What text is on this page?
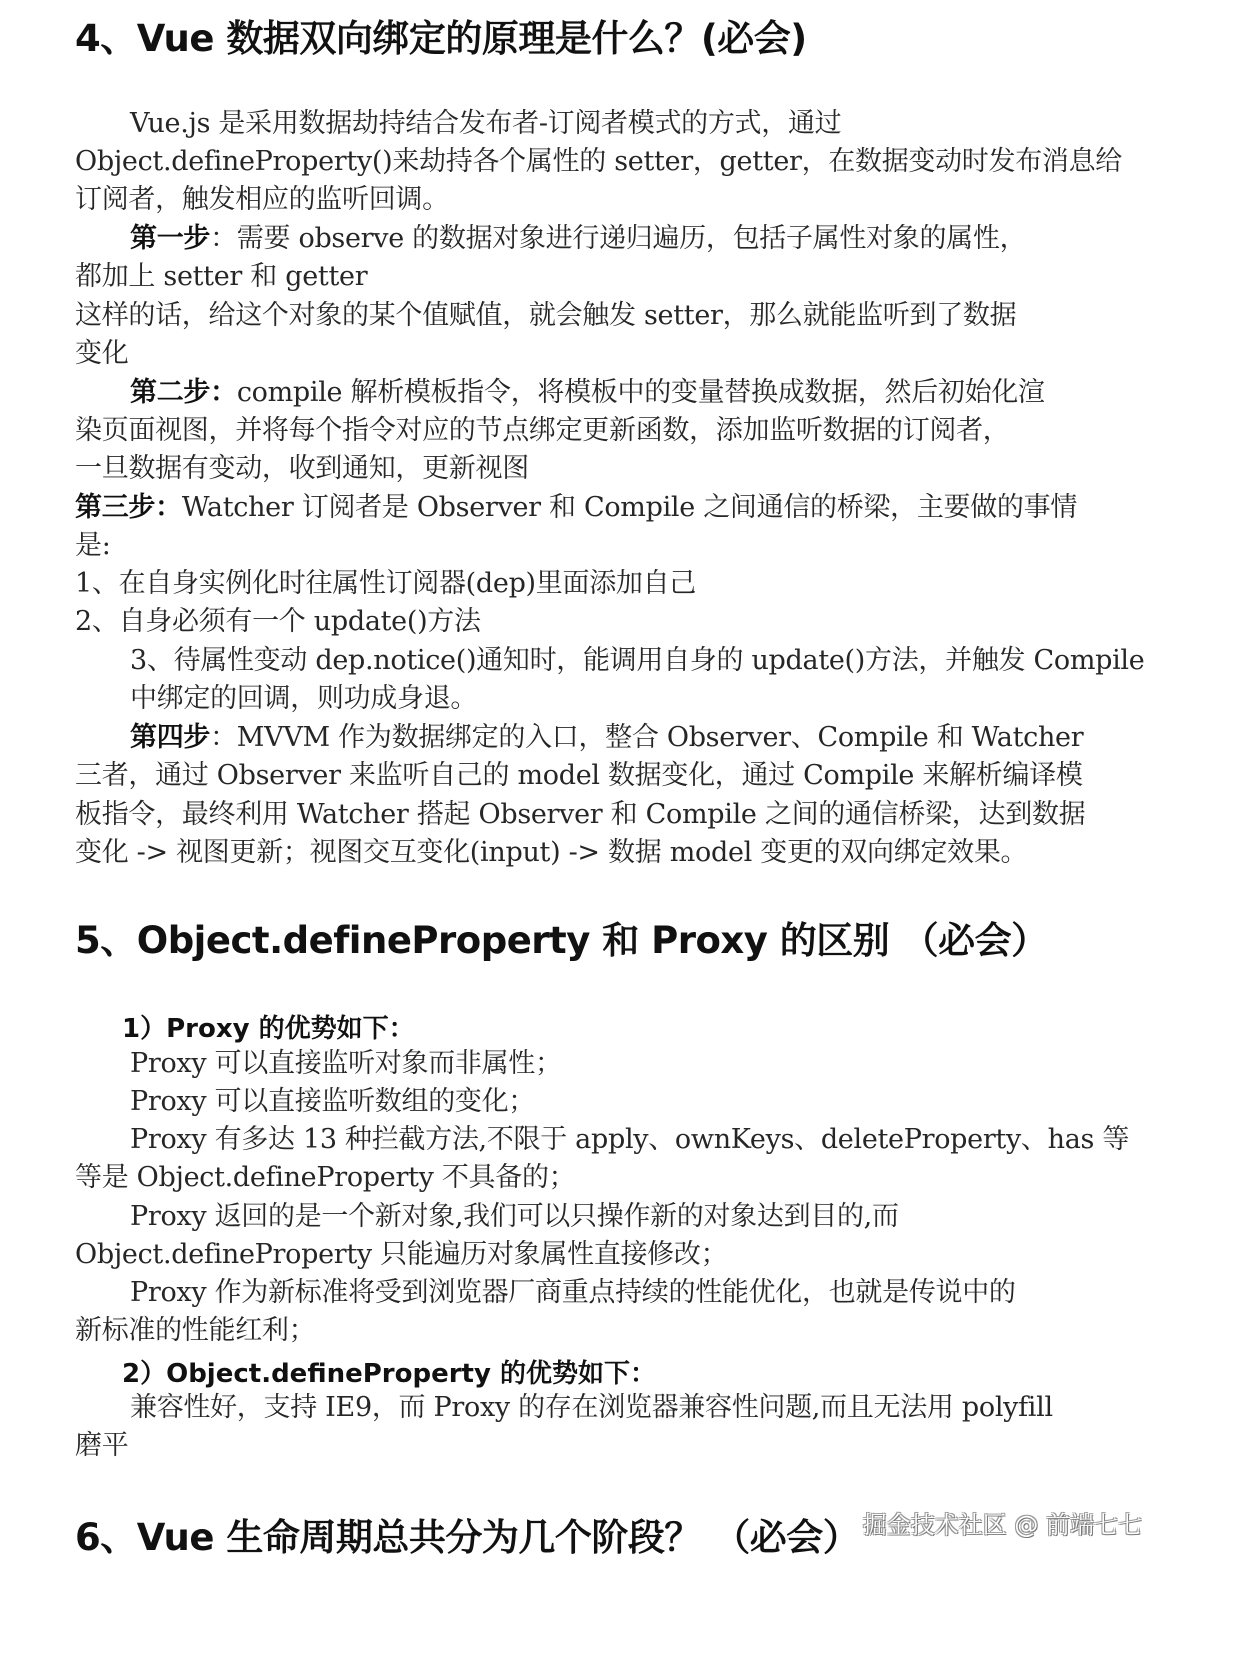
4、Vue 数据双向绑定的原理是什么？(必会)
Vue.js 是采用数据劫持结合发布者-订阅者模式的方式，通过
Object.defineProperty()来劫持各个属性的 setter，getter，在数据变动时发布消息给
订阅者，触发相应的监听回调。
第一步：需要 observe 的数据对象进行递归遍历，包括子属性对象的属性，
都加上 setter 和 getter
这样的话，给这个对象的某个值赋值，就会触发 setter，那么就能监听到了数据
变化
第二步：compile 解析模板指令，将模板中的变量替换成数据，然后初始化渲
染页面视图，并将每个指令对应的节点绑定更新函数，添加监听数据的订阅者，
一旦数据有变动，收到通知，更新视图
第三步：Watcher 订阅者是 Observer 和 Compile 之间通信的桥梁，主要做的事情
是:
1、在自身实例化时往属性订阅器(dep)里面添加自己
2、自身必须有一个 update()方法
3、待属性变动 dep.notice()通知时，能调用自身的 update()方法，并触发 Compile
中绑定的回调，则功成身退。
第四步：MVVM 作为数据绑定的入口，整合 Observer、Compile 和 Watcher
三者，通过 Observer 来监听自己的 model 数据变化，通过 Compile 来解析编译模
板指令，最终利用 Watcher 搭起 Observer 和 Compile 之间的通信桥梁，达到数据
变化 -> 视图更新；视图交互变化(input) -> 数据 model 变更的双向绑定效果。
5、Object.defineProperty 和 Proxy 的区别 （必会）
1）Proxy 的优势如下：
Proxy 可以直接监听对象而非属性；
Proxy 可以直接监听数组的变化；
Proxy 有多达 13 种拦截方法,不限于 apply、ownKeys、deleteProperty、has 等
等是 Object.defineProperty 不具备的；
Proxy 返回的是一个新对象,我们可以只操作新的对象达到目的,而
Object.defineProperty 只能遍历对象属性直接修改；
Proxy 作为新标准将受到浏览器厂商重点持续的性能优化，也就是传说中的
新标准的性能红利；
2）Object.defineProperty 的优势如下：
兼容性好，支持 IE9，而 Proxy 的存在浏览器兼容性问题,而且无法用 polyfill
磨平
6、Vue 生命周期总共分为几个阶段？ （必会） 掘金技术社区 @ 前端七七
